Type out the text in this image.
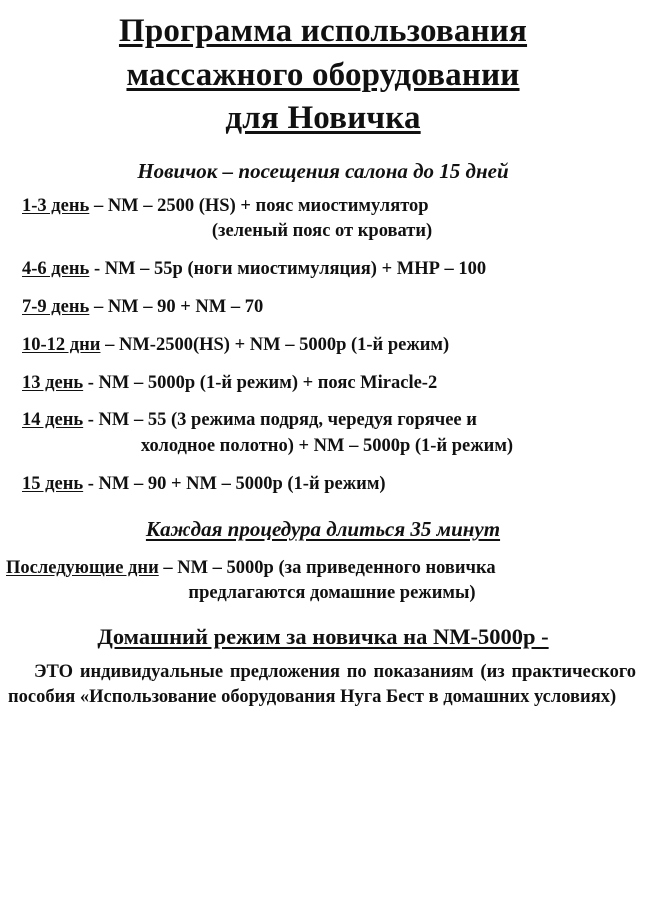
Программа использования
массажного оборудовании
для Новичка
Новичок – посещения салона до 15 дней
1-3 день – NM – 2500 (HS) + пояс миостимулятор
(зеленый пояс от кровати)
4-6 день - NM – 55р (ноги миостимуляция) + МНР – 100
7-9 день – NM – 90 + NM – 70
10-12 дни – NM-2500(HS) + NM – 5000р (1-й режим)
13 день - NM – 5000р (1-й режим) + пояс Miracle-2
14 день - NM – 55 (3 режима подряд, чередуя горячее и
холодное полотно) + NM – 5000р (1-й режим)
15 день - NM – 90 + NM – 5000р (1-й режим)
Каждая процедура длиться 35 минут
Последующие дни – NM – 5000р (за приведенного новичка
предлагаются домашние режимы)
Домашний режим за новичка на NM-5000р -
ЭТО индивидуальные предложения по показаниям (из практического пособия «Использование оборудования Нуга Бест в домашних условиях)
